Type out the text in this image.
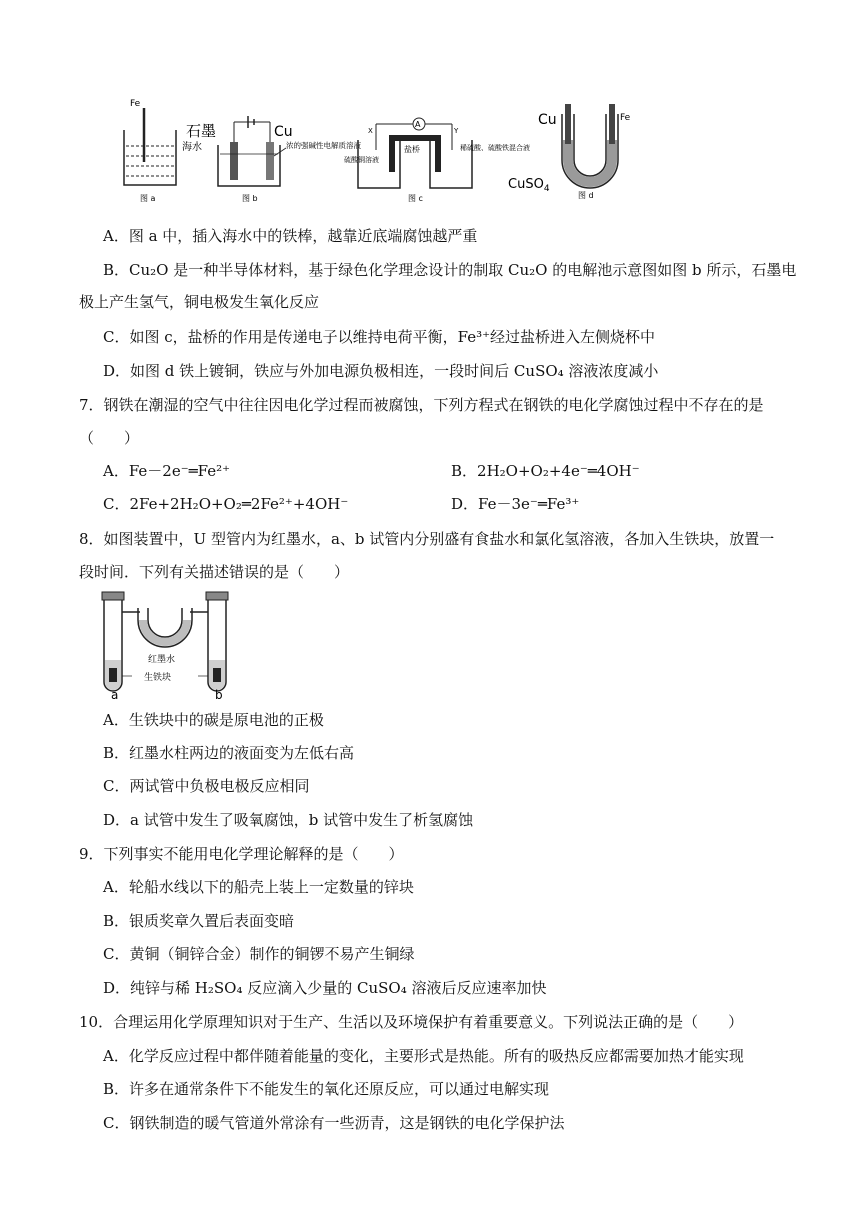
Fe
海水
图 a
石墨	Cu
浓的强碱性电解质溶液
图 b
A
X	Y
盐桥
硫酸铜溶液
稀硫酸、硫酸铁混合液
图 c
Cu	Fe
CuSO$_4$
图 d
A．图 a 中，插入海水中的铁棒，越靠近底端腐蚀越严重
B．Cu₂O 是一种半导体材料，基于绿色化学理念设计的制取 Cu₂O 的电解池示意图如图 b 所示，石墨电
极上产生氢气，铜电极发生氧化反应
C．如图 c，盐桥的作用是传递电子以维持电荷平衡，Fe³⁺经过盐桥进入左侧烧杯中
D．如图 d 铁上镀铜，铁应与外加电源负极相连，一段时间后 CuSO₄ 溶液浓度减小
7．钢铁在潮湿的空气中往往因电化学过程而被腐蚀，下列方程式在钢铁的电化学腐蚀过程中不存在的是
（　　）
A．Fe－2e⁻═Fe²⁺	B．2H₂O+O₂+4e⁻═4OH⁻
C．2Fe+2H₂O+O₂═2Fe²⁺+4OH⁻	D．Fe－3e⁻═Fe³⁺
8．如图装置中，U 型管内为红墨水，a、b 试管内分别盛有食盐水和氯化氢溶液，各加入生铁块，放置一
段时间．下列有关描述错误的是（　　）
红墨水
生铁块
a	b
A．生铁块中的碳是原电池的正极
B．红墨水柱两边的液面变为左低右高
C．两试管中负极电极反应相同
D．a 试管中发生了吸氧腐蚀，b 试管中发生了析氢腐蚀
9．下列事实不能用电化学理论解释的是（　　）
A．轮船水线以下的船壳上装上一定数量的锌块
B．银质奖章久置后表面变暗
C．黄铜（铜锌合金）制作的铜锣不易产生铜绿
D．纯锌与稀 H₂SO₄ 反应滴入少量的 CuSO₄ 溶液后反应速率加快
10．合理运用化学原理知识对于生产、生活以及环境保护有着重要意义。下列说法正确的是（　　）
A．化学反应过程中都伴随着能量的变化，主要形式是热能。所有的吸热反应都需要加热才能实现
B．许多在通常条件下不能发生的氧化还原反应，可以通过电解实现
C．钢铁制造的暖气管道外常涂有一些沥青，这是钢铁的电化学保护法
